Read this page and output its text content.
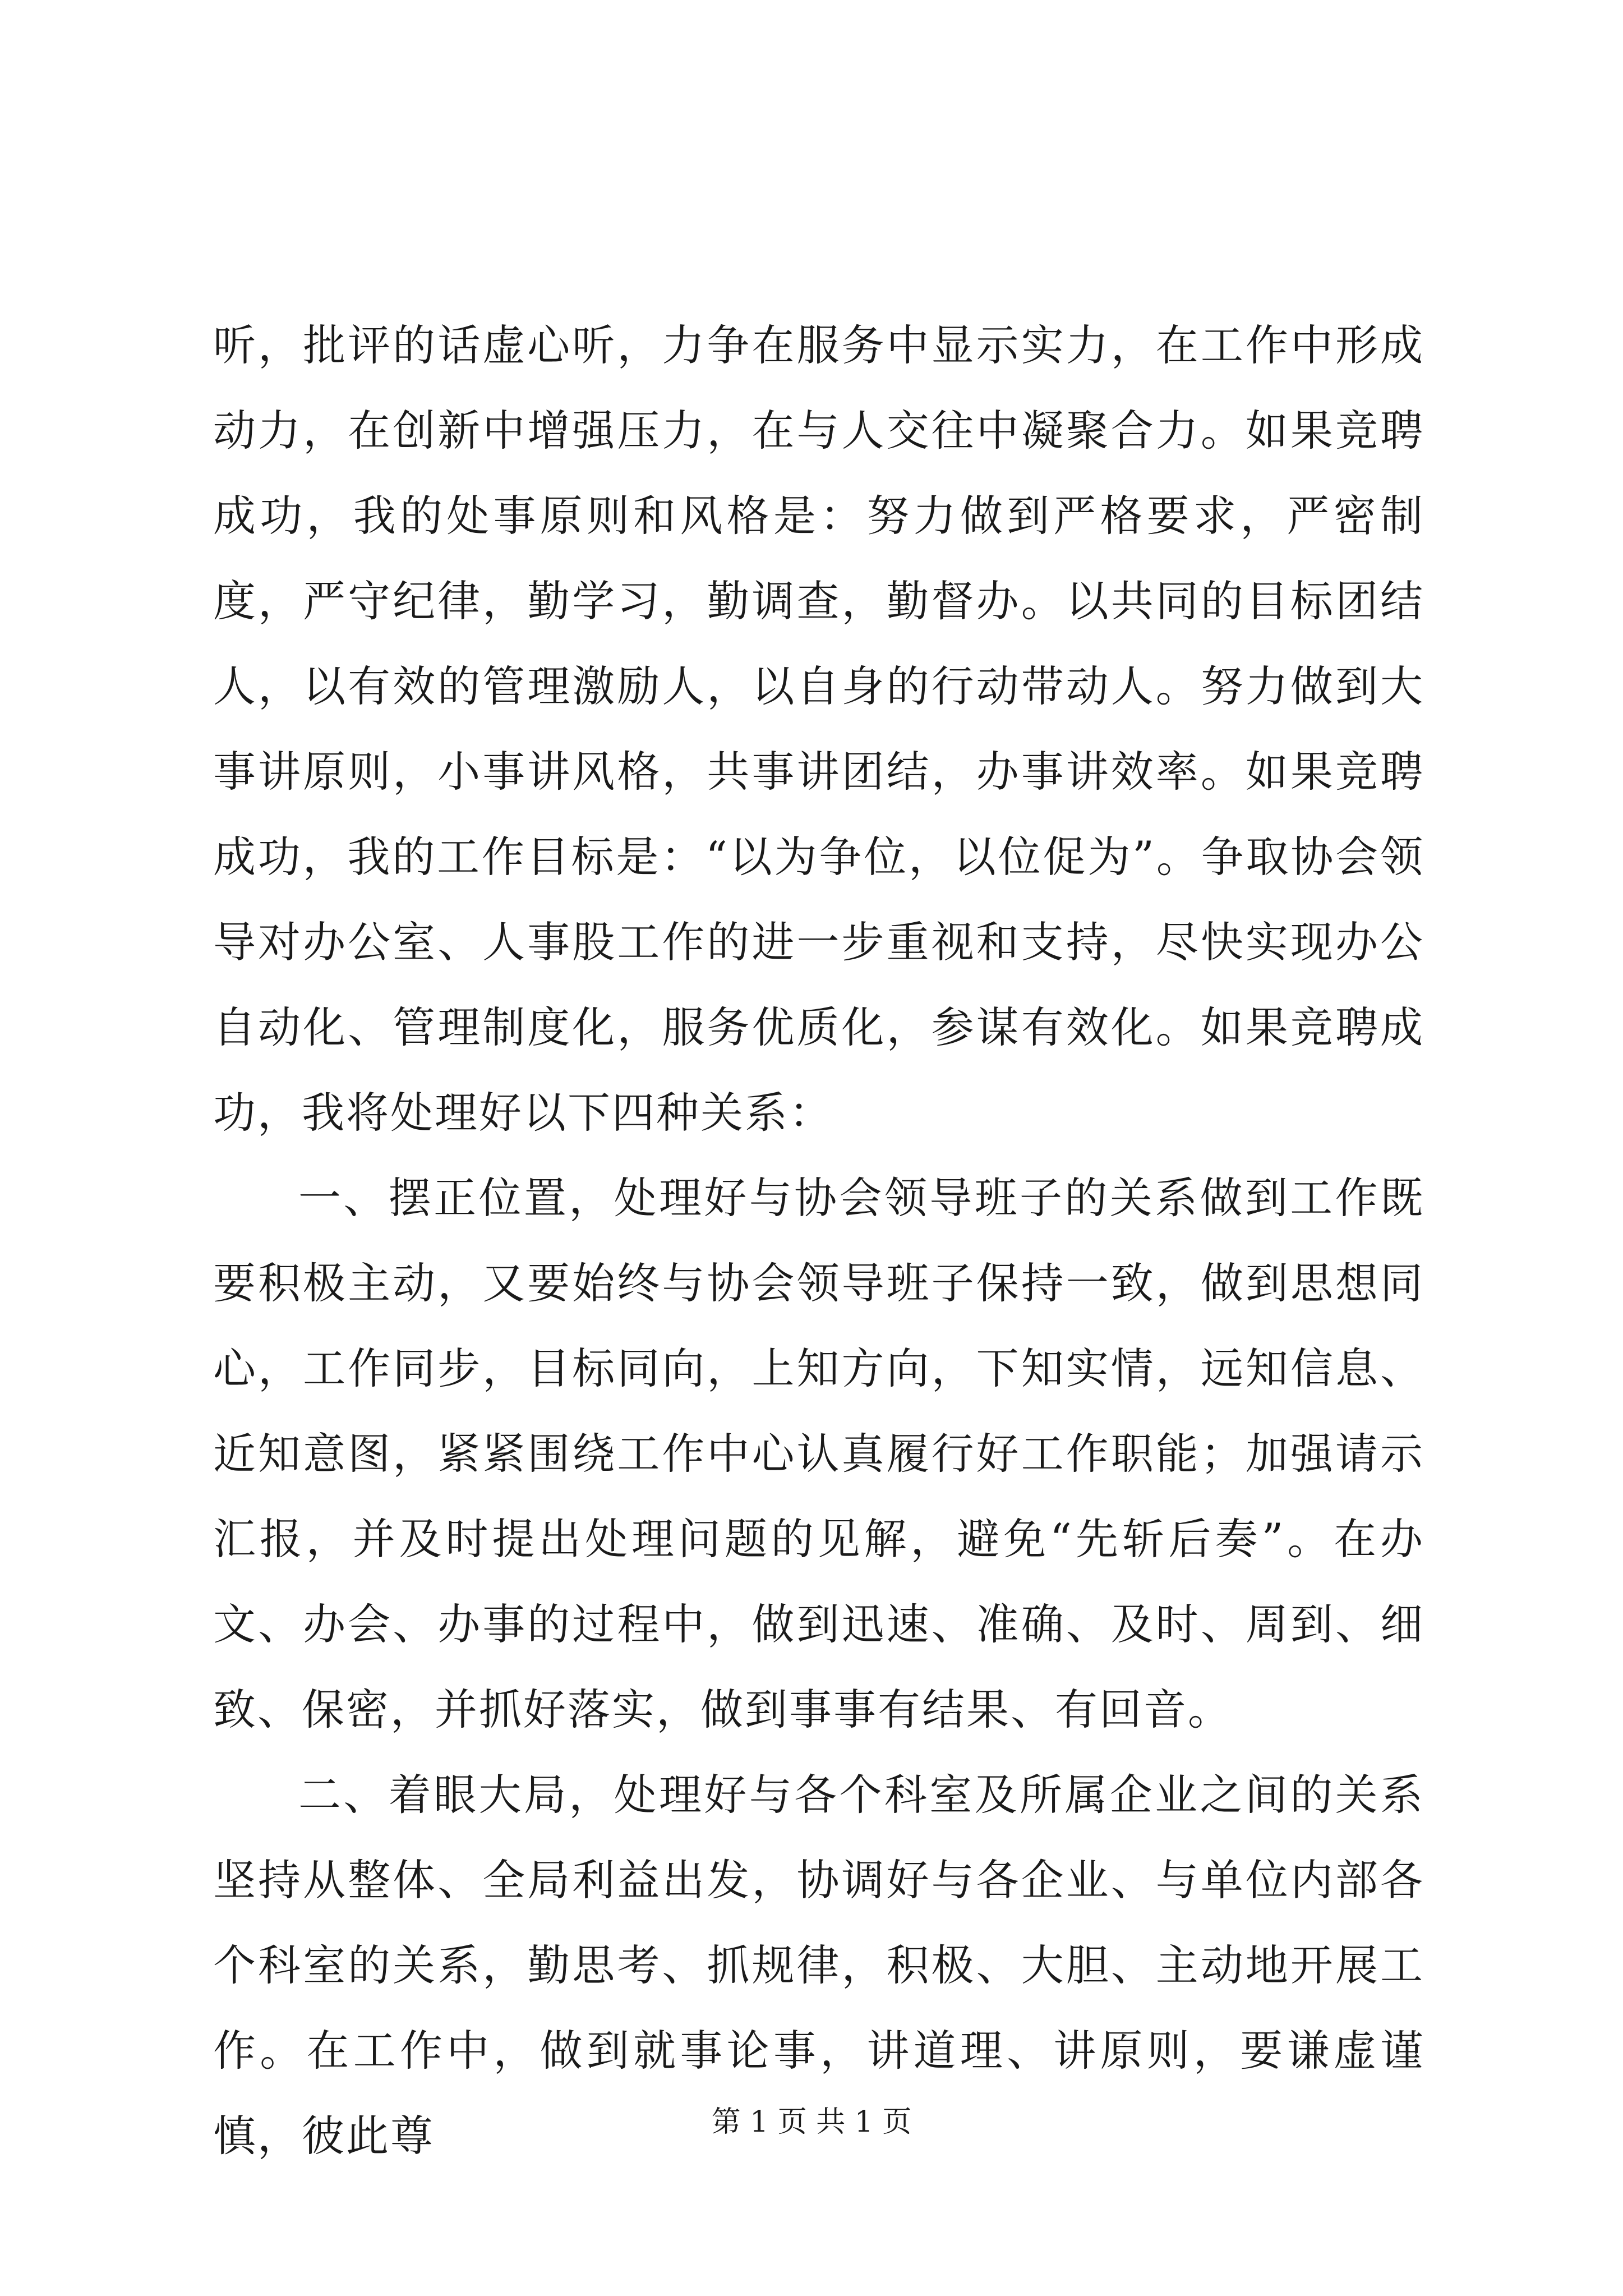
听，批评的话虚心听，力争在服务中显示实力，在工作中形成动力，在创新中增强压力，在与人交往中凝聚合力。如果竞聘成功，我的处事原则和风格是：努力做到严格要求，严密制度，严守纪律，勤学习，勤调查，勤督办。以共同的目标团结人，以有效的管理激励人，以自身的行动带动人。努力做到大事讲原则，小事讲风格，共事讲团结，办事讲效率。如果竞聘成功，我的工作目标是：“以为争位，以位促为”。争取协会领导对办公室、人事股工作的进一步重视和支持，尽快实现办公自动化、管理制度化，服务优质化，参谋有效化。如果竞聘成功，我将处理好以下四种关系：

一、摆正位置，处理好与协会领导班子的关系做到工作既要积极主动，又要始终与协会领导班子保持一致，做到思想同心，工作同步，目标同向，上知方向，下知实情，远知信息、近知意图，紧紧围绕工作中心认真履行好工作职能；加强请示汇报，并及时提出处理问题的见解，避免“先斩后奏”。在办文、办会、办事的过程中，做到迅速、准确、及时、周到、细致、保密，并抓好落实，做到事事有结果、有回音。

二、着眼大局，处理好与各个科室及所属企业之间的关系坚持从整体、全局利益出发，协调好与各企业、与单位内部各个科室的关系，勤思考、抓规律，积极、大胆、主动地开展工作。在工作中，做到就事论事，讲道理、讲原则，要谦虚谨慎，彼此尊	第 1 页 共 1 页
